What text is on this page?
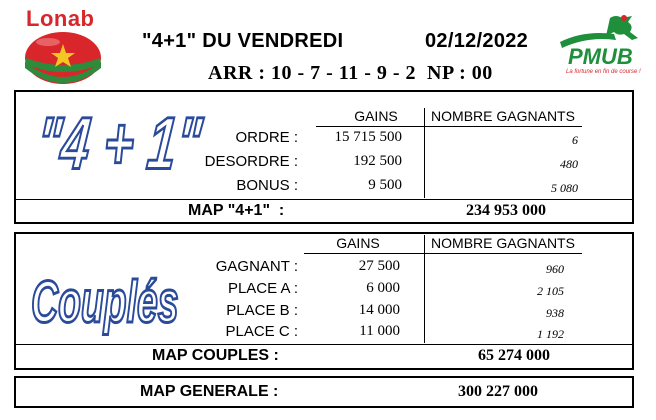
Lonab
"4+1" DU VENDREDI	02/12/2022
ARR : 10 - 7 - 11 - 9 - 2  NP : 00
PMUB
La fortune en fin de course !
"4 + 1"	GAINS	NOMBRE GAGNANTS
ORDRE :	15 715 500	6
DESORDRE :	192 500	480
BONUS :	9 500	5 080
MAP "4+1"  :	234 953 000
Couplés
GAINS	NOMBRE GAGNANTS
GAGNANT :	27 500	960
PLACE A :	6 000	2 105
PLACE B :	14 000	938
PLACE C :	11 000	1 192
MAP COUPLES :	65 274 000
MAP GENERALE :	300 227 000
